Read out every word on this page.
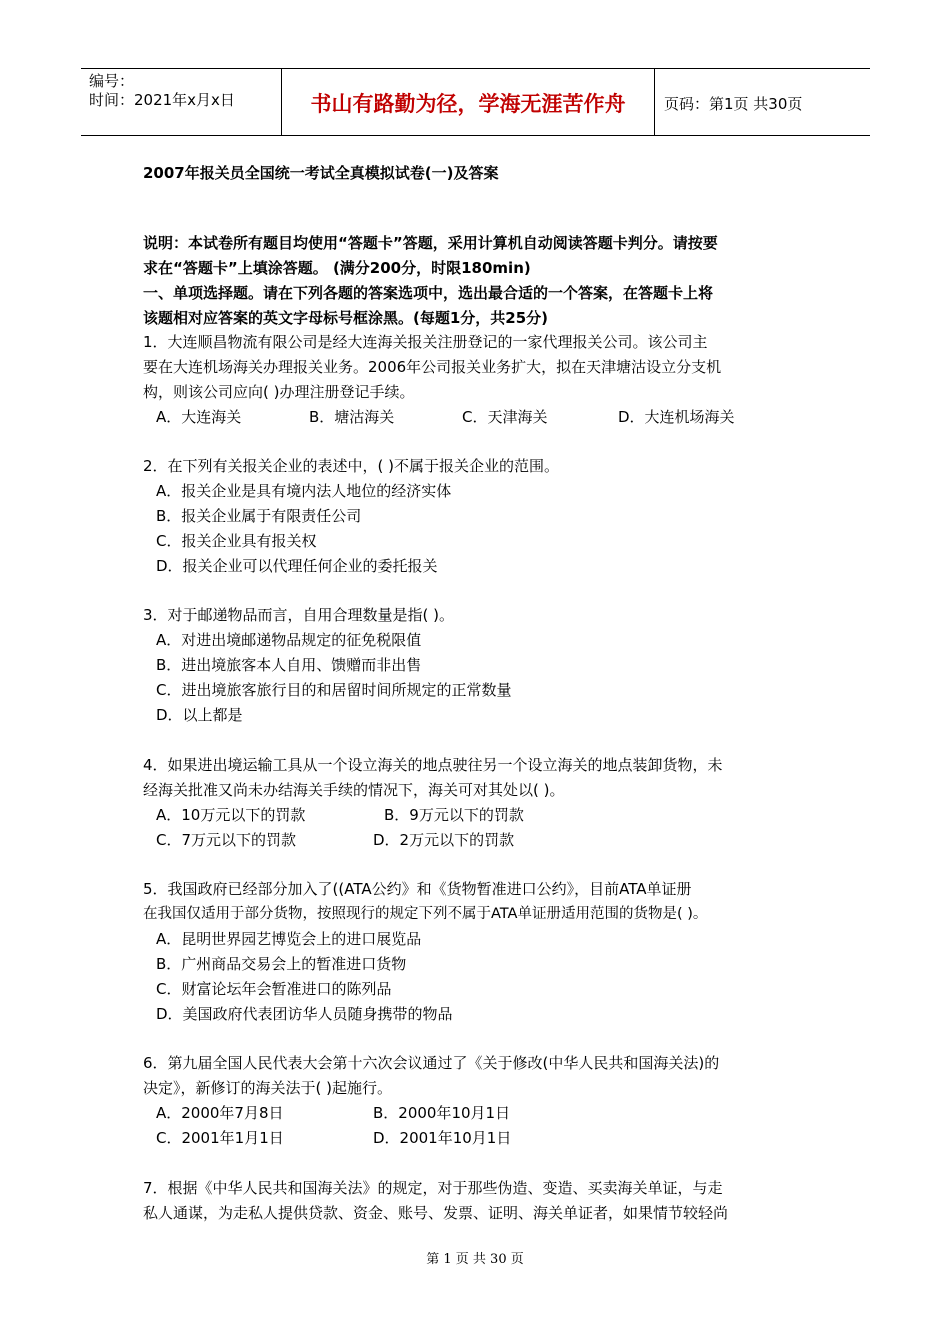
编号：
时间：2021年x月x日	书山有路勤为径，学海无涯苦作舟	页码：第1页 共30页
2007年报关员全国统一考试全真模拟试卷(一)及答案
说明：本试卷所有题目均使用“答题卡”答题，采用计算机自动阅读答题卡判分。请按要
求在“答题卡”上填涂答题。 (满分200分，时限180min)
一、单项选择题。请在下列各题的答案选项中，选出最合适的一个答案，在答题卡上将
该题相对应答案的英文字母标号框涂黑。(每题1分，共25分)
1．大连顺昌物流有限公司是经大连海关报关注册登记的一家代理报关公司。该公司主
要在大连机场海关办理报关业务。2006年公司报关业务扩大，拟在天津塘沽设立分支机
构，则该公司应向( )办理注册登记手续。
A．大连海关	B．塘沽海关	C．天津海关	D．大连机场海关
2．在下列有关报关企业的表述中，( )不属于报关企业的范围。
A．报关企业是具有境内法人地位的经济实体
B．报关企业属于有限责任公司
C．报关企业具有报关权
D．报关企业可以代理任何企业的委托报关
3．对于邮递物品而言，自用合理数量是指( )。
A．对进出境邮递物品规定的征免税限值
B．进出境旅客本人自用、馈赠而非出售
C．进出境旅客旅行目的和居留时间所规定的正常数量
D．以上都是
4．如果进出境运输工具从一个设立海关的地点驶往另一个设立海关的地点装卸货物，未
经海关批准又尚未办结海关手续的情况下，海关可对其处以( )。
A．10万元以下的罚款	B．9万元以下的罚款
C．7万元以下的罚款	D．2万元以下的罚款
5．我国政府已经部分加入了((ATA公约》和《货物暂准进口公约》，目前ATA单证册
在我国仅适用于部分货物，按照现行的规定下列不属于ATA单证册适用范围的货物是( )。
A．昆明世界园艺博览会上的进口展览品
B．广州商品交易会上的暂准进口货物
C．财富论坛年会暂准进口的陈列品
D．美国政府代表团访华人员随身携带的物品
6．第九届全国人民代表大会第十六次会议通过了《关于修改(中华人民共和国海关法)的
决定》，新修订的海关法于( )起施行。
A．2000年7月8日	B．2000年10月1日
C．2001年1月1日	D．2001年10月1日
7．根据《中华人民共和国海关法》的规定，对于那些伪造、变造、买卖海关单证，与走
私人通谋，为走私人提供贷款、资金、账号、发票、证明、海关单证者，如果情节较轻尚
第 1 页 共 30 页
